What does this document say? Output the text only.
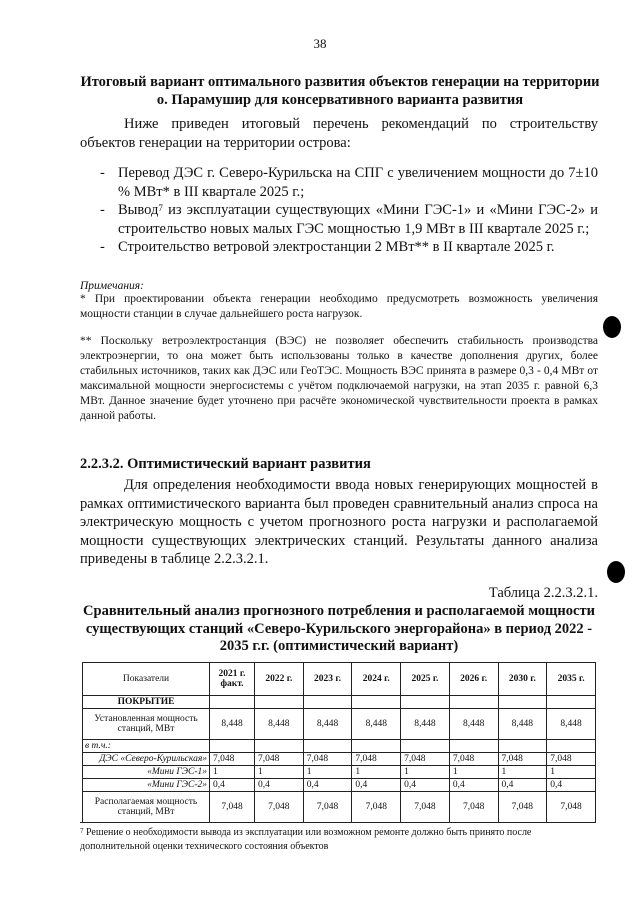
38
Итоговый вариант оптимального развития объектов генерации на территории о. Парамушир для консервативного варианта развития
Ниже приведен итоговый перечень рекомендаций по строительству объектов генерации на территории острова:
- Перевод ДЭС г. Северо-Курильска на СПГ с увеличением мощности до 7±10 % МВт* в III квартале 2025 г.;
- Вывод$^7$ из эксплуатации существующих «Мини ГЭС-1» и «Мини ГЭС-2» и строительство новых малых ГЭС мощностью 1,9 МВт в III квартале 2025 г.;
- Строительство ветровой электростанции 2 МВт** в II квартале 2025 г.
Примечания:
* При проектировании объекта генерации необходимо предусмотреть возможность увеличения мощности станции в случае дальнейшего роста нагрузок.
** Поскольку ветроэлектростанция (ВЭС) не позволяет обеспечить стабильность производства электроэнергии, то она может быть использованы только в качестве дополнения других, более стабильных источников, таких как ДЭС или ГеоТЭС. Мощность ВЭС принята в размере 0,3 - 0,4 МВт от максимальной мощности энергосистемы с учётом подключаемой нагрузки, на этап 2035 г. равной 6,3 МВт. Данное значение будет уточнено при расчёте экономической чувствительности проекта в рамках данной работы.
2.2.3.2. Оптимистический вариант развития
Для определения необходимости ввода новых генерирующих мощностей в рамках оптимистического варианта был проведен сравнительный анализ спроса на электрическую мощность с учетом прогнозного роста нагрузки и располагаемой мощности существующих электрических станций. Результаты данного анализа приведены в таблице 2.2.3.2.1.
Таблица 2.2.3.2.1.
Сравнительный анализ прогнозного потребления и располагаемой мощности существующих станций «Северо-Курильского энергорайона» в период 2022 - 2035 г.г. (оптимистический вариант)
Показатели	2021 г. факт.	2022 г.	2023 г.	2024 г.	2025 г.	2026 г.	2030 г.	2035 г.
ПОКРЫТИЕ								
Установленная мощность станций, МВт	8,448	8,448	8,448	8,448	8,448	8,448	8,448	8,448
в т.ч.:								
ДЭС «Северо-Курильская»	7,048	7,048	7,048	7,048	7,048	7,048	7,048	7,048
«Мини ГЭС-1»	1	1	1	1	1	1	1	1
«Мини ГЭС-2»	0,4	0,4	0,4	0,4	0,4	0,4	0,4	0,4
Располагаемая мощность станций, МВт	7,048	7,048	7,048	7,048	7,048	7,048	7,048	7,048
$^7$ Решение о необходимости вывода из эксплуатации или возможном ремонте должно быть принято после дополнительной оценки технического состояния объектов
